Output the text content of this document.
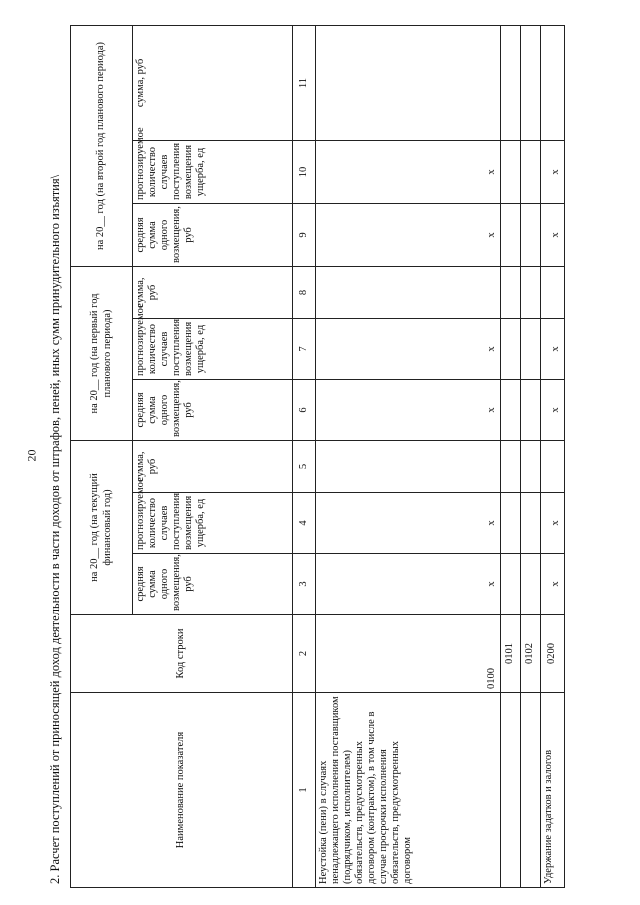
20 2. Расчет поступлений от приносящей доход деятельности в части доходов от штрафов, пеней, иных сумм принудительного изъятия\	Наименование показателя	Код строки	на 20__ год (на текущий финансовый год)			на 20__ год (на первый год планового периода)			на 20__ год (на второй год планового периода)		
		средняя сумма одного возмещения, руб	прогнозируемое количество случаев поступления возмещения ущерба, ед	сумма, руб	средняя сумма одного возмещения, руб	прогнозируемое количество случаев поступления возмещения ущерба, ед	сумма, руб	средняя сумма одного возмещения, руб	прогнозируемое количество случаев поступления возмещения ущерба, ед	сумма, руб
1	2	3	4	5	6	7	8	9	10	11
Неустойка (пени) в случаях ненадлежащего исполнения поставщиком (подрядчиком, исполнителем) обязательств, предусмотренных договором (контрактом), в том числе в случае просрочки исполнения обязательств, предусмотренных договором	0100	x	x		x	x		x	x	
	0101									
	0102									
Удержание задатков и залогов	0200	x	x		x	x		x	x	
